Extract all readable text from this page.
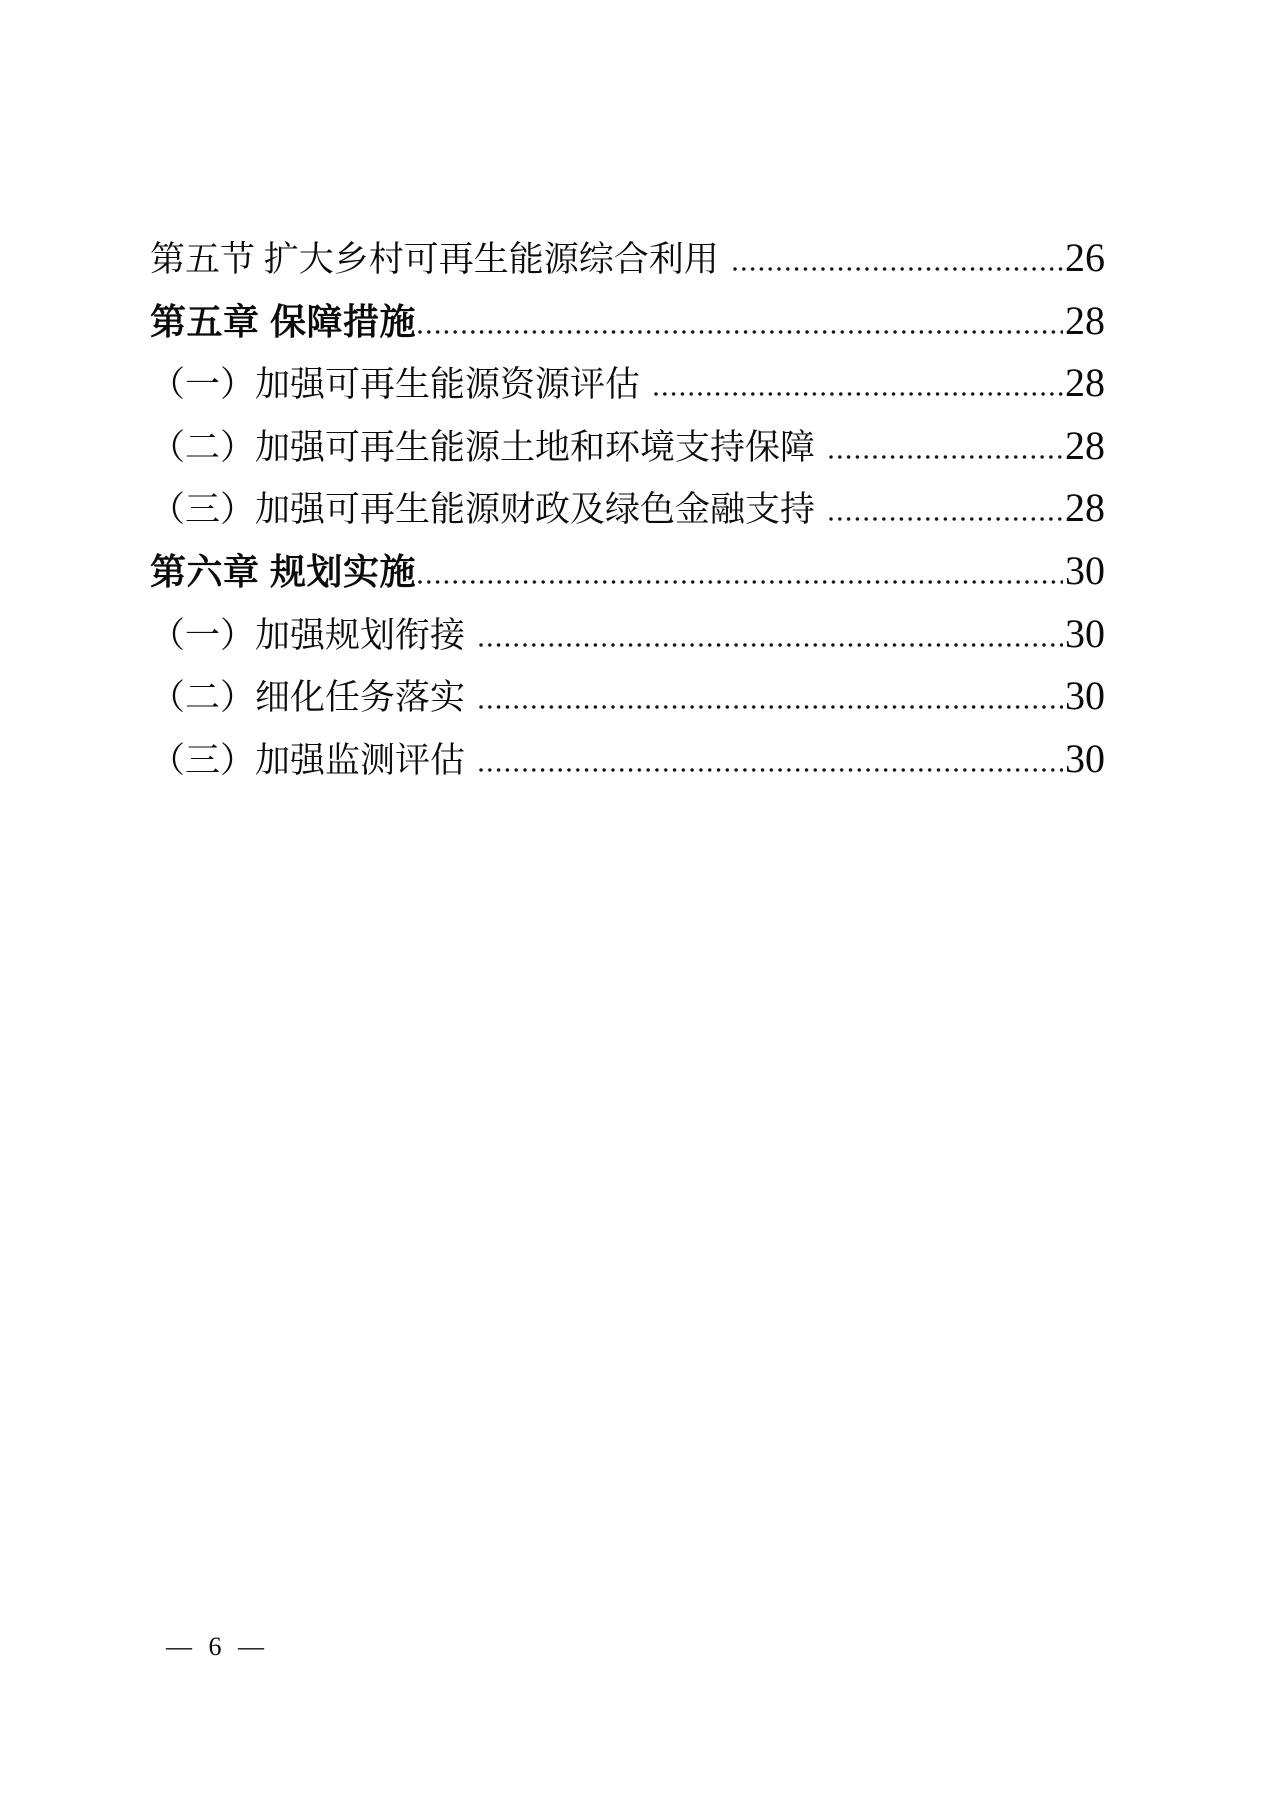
第五节 扩大乡村可再生能源综合利用	26
第五章 保障措施	28
（一）加强可再生能源资源评估	28
（二）加强可再生能源土地和环境支持保障	28
（三）加强可再生能源财政及绿色金融支持	28
第六章 规划实施	30
（一）加强规划衔接	30
（二）细化任务落实	30
（三）加强监测评估	30
— 6 —
